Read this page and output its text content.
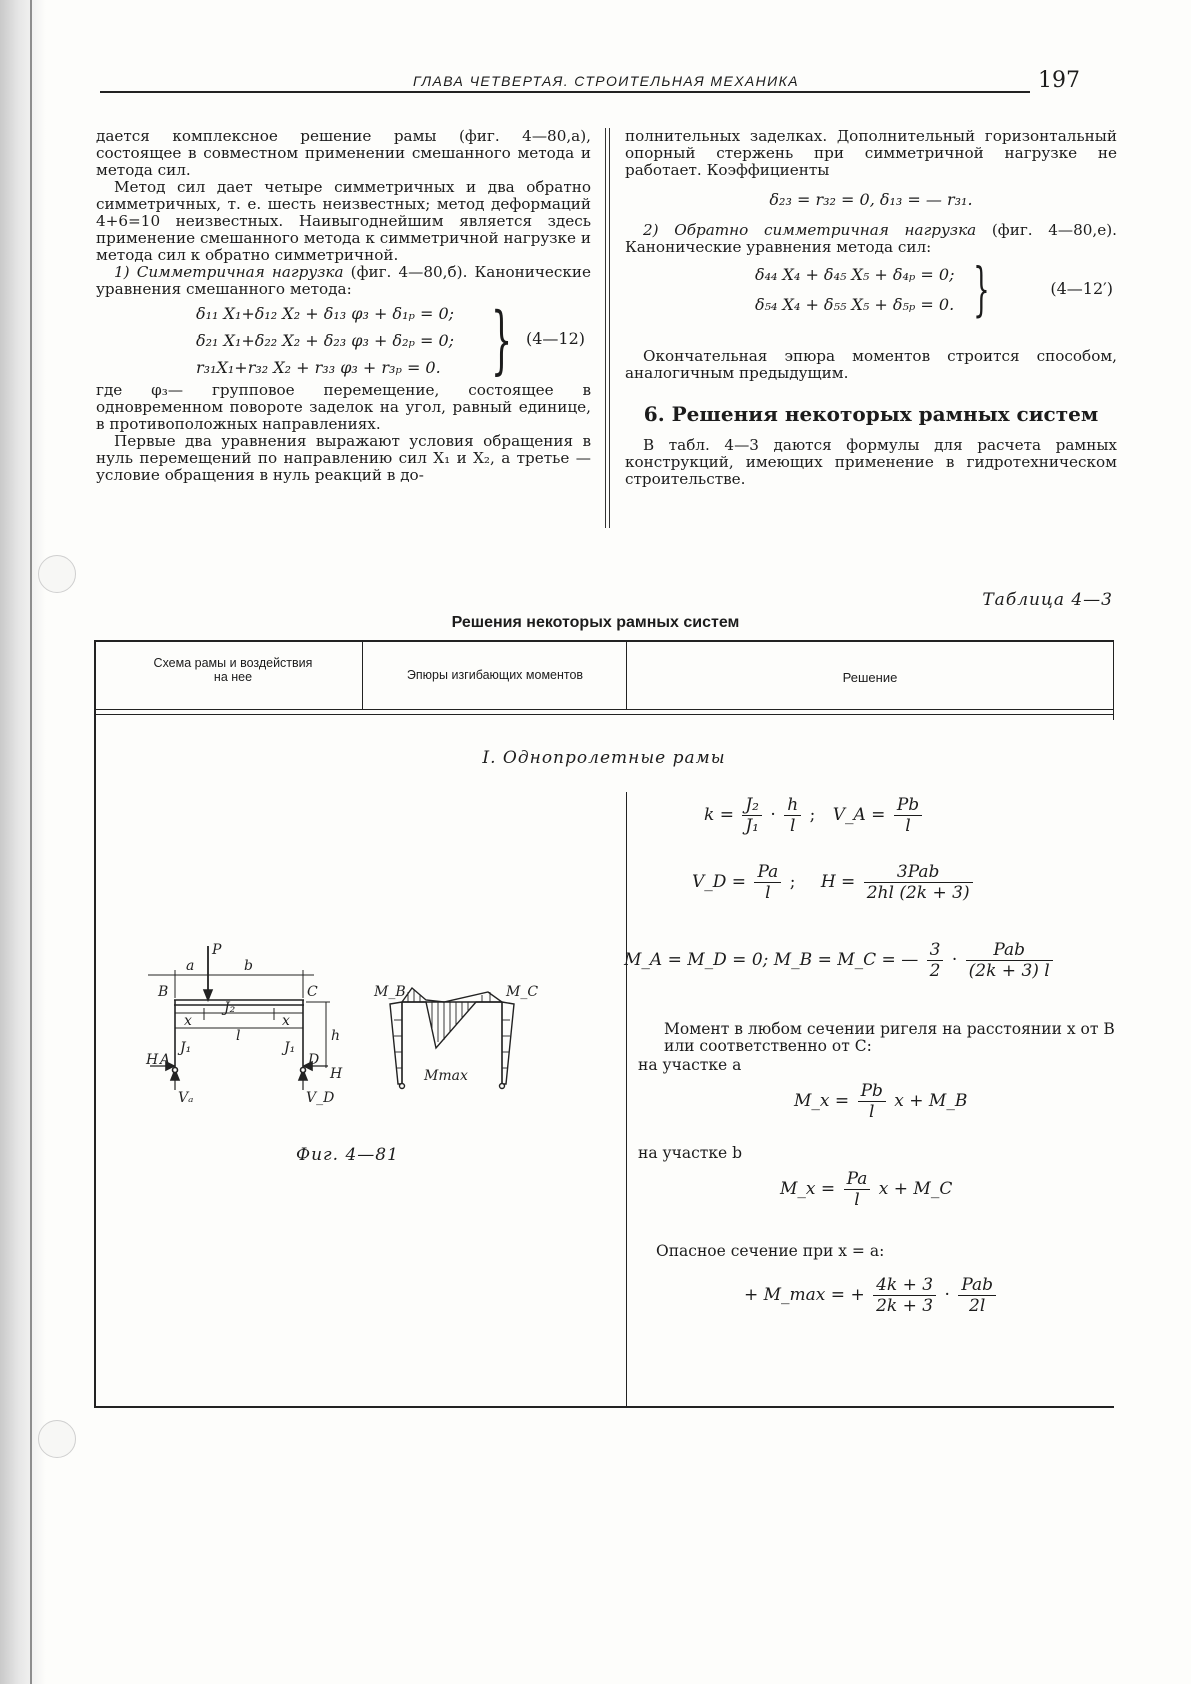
ГЛАВА ЧЕТВЕРТАЯ. СТРОИТЕЛЬНАЯ МЕХАНИКА	197

дается комплексное решение рамы (фиг. 4—80,а), состоящее в совместном применении смешанного метода и метода сил.

Метод сил дает четыре симметричных и два обратно симметричных, т. е. шесть неизвестных; метод деформаций 4+6=10 неизвестных. Наивыгоднейшим является здесь применение смешанного метода к симметричной нагрузке и метода сил к обратно симметричной.

1) Симметричная нагрузка (фиг. 4—80,б). Канонические уравнения смешанного метода:

δ₁₁ X₁+δ₁₂ X₂ + δ₁₃ φ₃ + δ₁ₚ = 0;
δ₂₁ X₁+δ₂₂ X₂ + δ₂₃ φ₃ + δ₂ₚ = 0;
r₃₁X₁+r₃₂ X₂ + r₃₃ φ₃ + r₃ₚ = 0. } (4—12)

где φ₃— групповое перемещение, состоящее в одновременном повороте заделок на угол, равный единице, в противоположных направлениях.

Первые два уравнения выражают условия обращения в нуль перемещений по направлению сил X₁ и X₂, а третье — условие обращения в нуль реакций в до-

полнительных заделках. Дополнительный горизонтальный опорный стержень при симметричной нагрузке не работает. Коэффициенты

δ₂₃ = r₃₂ = 0, δ₁₃ = — r₃₁.

2) Обратно симметричная нагрузка (фиг. 4—80,е). Канонические уравнения метода сил:

δ₄₄ X₄ + δ₄₅ X₅ + δ₄ₚ = 0;
δ₅₄ X₄ + δ₅₅ X₅ + δ₅ₚ = 0. }	(4—12′)

Окончательная эпюра моментов строится способом, аналогичным предыдущим.

6. Решения некоторых рамных систем

В табл. 4—3 даются формулы для расчета рамных конструкций, имеющих применение в гидротехническом строительстве.

Таблица 4—3
Решения некоторых рамных систем
Схема рамы и воздействия
на нее	Эпюры изгибающих моментов	Решение
I. Однопролетные рамы
P
a	b
B	C
J₂
x	x
l	h
J₁	J₁
H A	D
H
Vₐ	V_D
M_B	M_C
Mmax
Фиг. 4—81
$k = \frac{\text{J₂}}{\text{J₁}} \cdot \frac{h}{l}$ ; V_A = $\frac{Pb}{l}$
V_D = $\frac{Pa}{l}$ ; $H = \frac{\text{3Pab}}{2hl (2k + 3)}$
M_A = M_D = 0; M_B = M_C = — $\frac{3}{2} \cdot \frac{\text{Pab}}{(2k + 3) l}$
Момент в любом сечении ригеля на расстоянии x от B или соответственно от C:
на участке a
M_x = $\frac{Pb}{l}$ x + M_B
на участке b
M_x = $\frac{Pa}{l}$ x + M_C
Опасное сечение при x = a:
+ M_max = + $\frac{4k + 3}{2k + 3} \cdot \frac{\text{Pab}}{2l}$
